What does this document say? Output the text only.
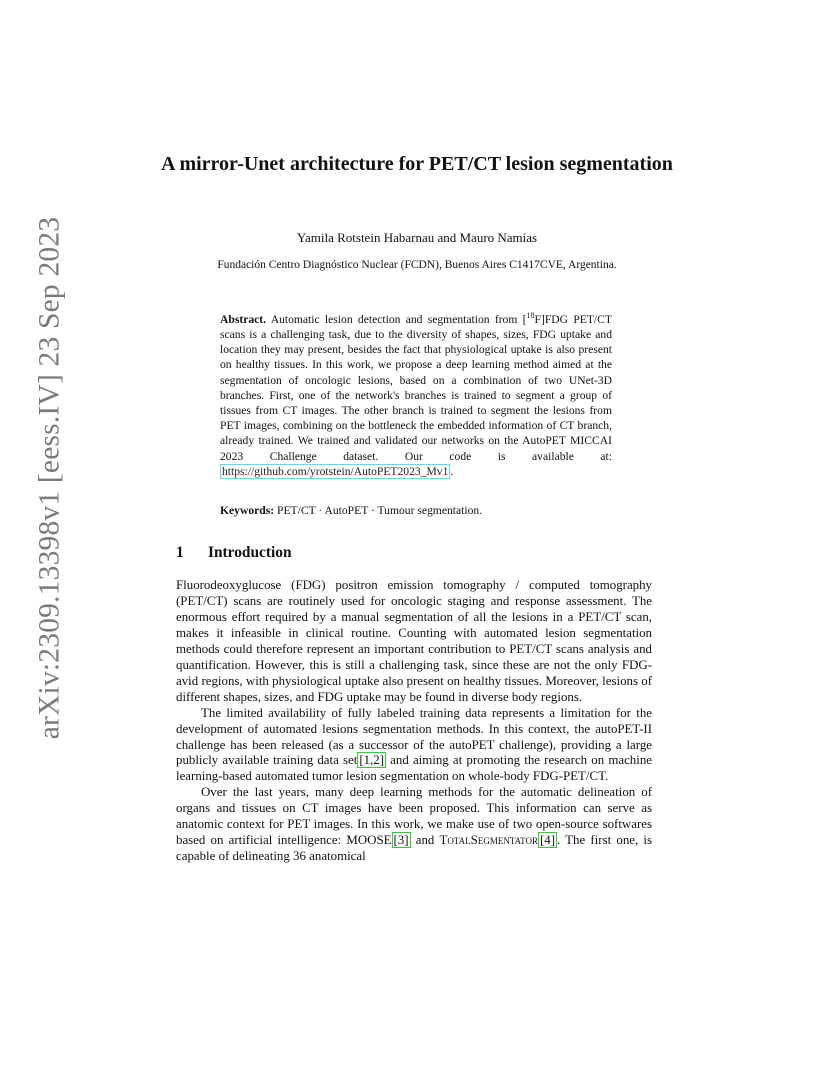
arXiv:2309.13398v1 [eess.IV] 23 Sep 2023
A mirror-Unet architecture for PET/CT lesion segmentation
Yamila Rotstein Habarnau and Mauro Namías
Fundación Centro Diagnóstico Nuclear (FCDN), Buenos Aires C1417CVE, Argentina.
Abstract. Automatic lesion detection and segmentation from [$^{18}$F]FDG PET/CT scans is a challenging task, due to the diversity of shapes, sizes, FDG uptake and location they may present, besides the fact that physiological uptake is also present on healthy tissues. In this work, we propose a deep learning method aimed at the segmentation of oncologic lesions, based on a combination of two UNet-3D branches. First, one of the network's branches is trained to segment a group of tissues from CT images. The other branch is trained to segment the lesions from PET images, combining on the bottleneck the embedded information of CT branch, already trained. We trained and validated our networks on the AutoPET MICCAI 2023 Challenge dataset. Our code is available at: https://github.com/yrotstein/AutoPET2023_Mv1 .
Keywords: PET/CT · AutoPET · Tumour segmentation.
1 Introduction

Fluorodeoxyglucose (FDG) positron emission tomography / computed tomography (PET/CT) scans are routinely used for oncologic staging and response assessment. The enormous effort required by a manual segmentation of all the lesions in a PET/CT scan, makes it infeasible in clinical routine. Counting with automated lesion segmentation methods could therefore represent an important contribution to PET/CT scans analysis and quantification. However, this is still a challenging task, since these are not the only FDG-avid regions, with physiological uptake also present on healthy tissues. Moreover, lesions of different shapes, sizes, and FDG uptake may be found in diverse body regions.

The limited availability of fully labeled training data represents a limitation for the development of automated lesions segmentation methods. In this context, the autoPET-II challenge has been released (as a successor of the autoPET challenge), providing a large publicly available training data set [1,2] and aiming at promoting the research on machine learning-based automated tumor lesion segmentation on whole-body FDG-PET/CT.

Over the last years, many deep learning methods for the automatic delineation of organs and tissues on CT images have been proposed. This information can serve as anatomic context for PET images. In this work, we make use of two open-source softwares based on artificial intelligence: MOOSE [3] and TotalSegmentator [4] . The first one, is capable of delineating 36 anatomical
